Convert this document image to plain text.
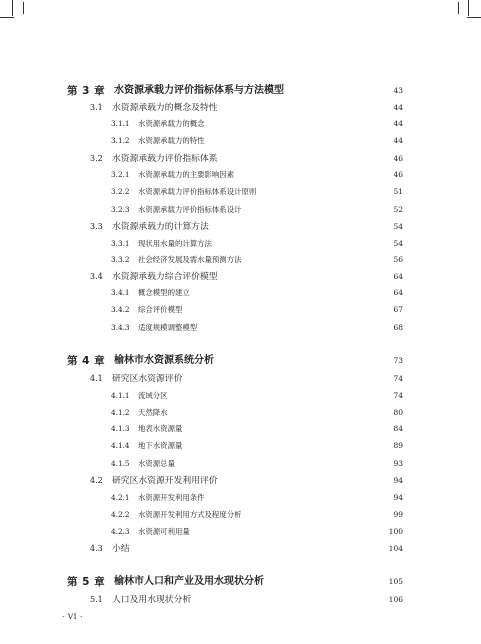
第 3 章 水资源承载力评价指标体系与方法模型	43
3.1 水资源承载力的概念及特性	44
3.1.1 水资源承载力的概念	44
3.1.2 水资源承载力的特性	44
3.2 水资源承载力评价指标体系	46
3.2.1 水资源承载力的主要影响因素	46
3.2.2 水资源承载力评价指标体系设计原则	51
3.2.3 水资源承载力评价指标体系设计	52
3.3 水资源承载力的计算方法	54
3.3.1 现状用水量的计算方法	54
3.3.2 社会经济发展及需水量预测方法	56
3.4 水资源承载力综合评价模型	64
3.4.1 概念模型的建立	64
3.4.2 综合评价模型	67
3.4.3 适度规模调整模型	68
第 4 章 榆林市水资源系统分析	73
4.1 研究区水资源评价	74
4.1.1 流域分区	74
4.1.2 天然降水	80
4.1.3 地表水资源量	84
4.1.4 地下水资源量	89
4.1.5 水资源总量	93
4.2 研究区水资源开发利用评价	94
4.2.1 水资源开发利用条件	94
4.2.2 水资源开发利用方式及程度分析	99
4.2.3 水资源可利用量	100
4.3 小结	104
第 5 章 榆林市人口和产业及用水现状分析	105
5.1 人口及用水现状分析	106
· VI ·
